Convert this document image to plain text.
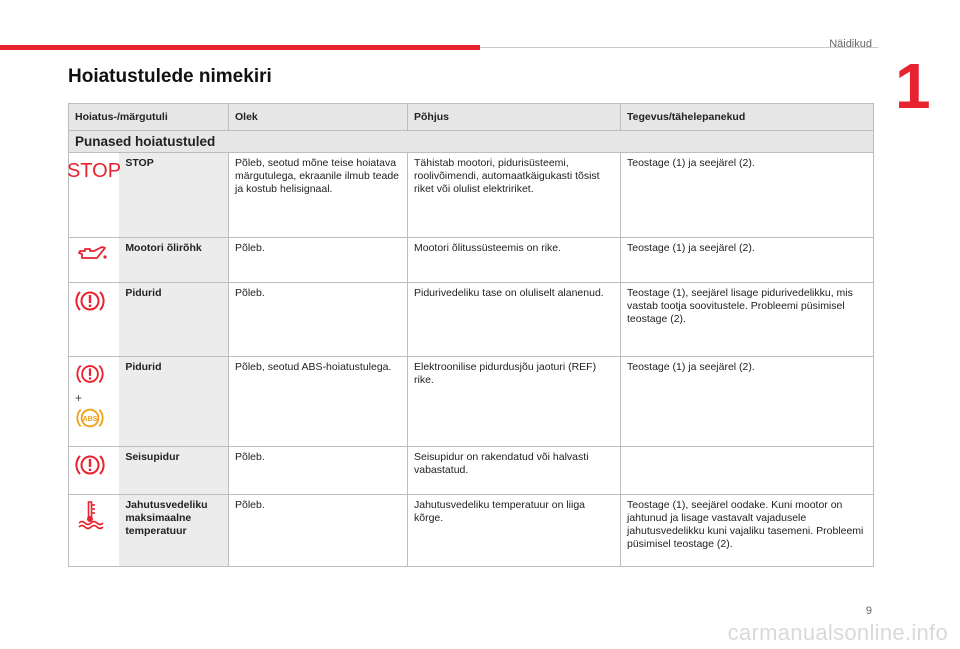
Näidikud
1
Hoiatustulede nimekiri
Hoiatus-/märgutuli		Olek	Põhjus	Tegevus/tähelepanekud
Punased hoiatustuled				

STOP	STOP	Põleb, seotud mõne teise hoiatava märgutulega, ekraanile ilmub teade ja kostub helisignaal.	Tähistab mootori, pidurisüsteemi, roolivõimendi, automaatkäigukasti tõsist riket või olulist elektririket.	Teostage (1) ja seejärel (2).
	Mootori õlirõhk	Põleb.	Mootori õlitussüsteemis on rike.	Teostage (1) ja seejärel (2).
	Pidurid	Põleb.	Pidurivedeliku tase on oluliselt alanenud.	Teostage (1), seejärel lisage pidurivedelikku, mis vastab tootja soovitustele. Probleemi püsimisel teostage (2).

+
ABS	Pidurid	Põleb, seotud ABS-hoiatustulega.	Elektroonilise pidurdusjõu jaoturi (REF) rike.	Teostage (1) ja seejärel (2).
	Seisupidur	Põleb.	Seisupidur on rakendatud või halvasti vabastatud.	
	Jahutusvedeliku maksimaalne temperatuur	Põleb.	Jahutusvedeliku temperatuur on liiga kõrge.	Teostage (1), seejärel oodake. Kuni mootor on jahtunud ja lisage vastavalt vajadusele jahutusvedelikku kuni vajaliku tasemeni. Probleemi püsimisel teostage (2).
9
carmanualsonline.info
